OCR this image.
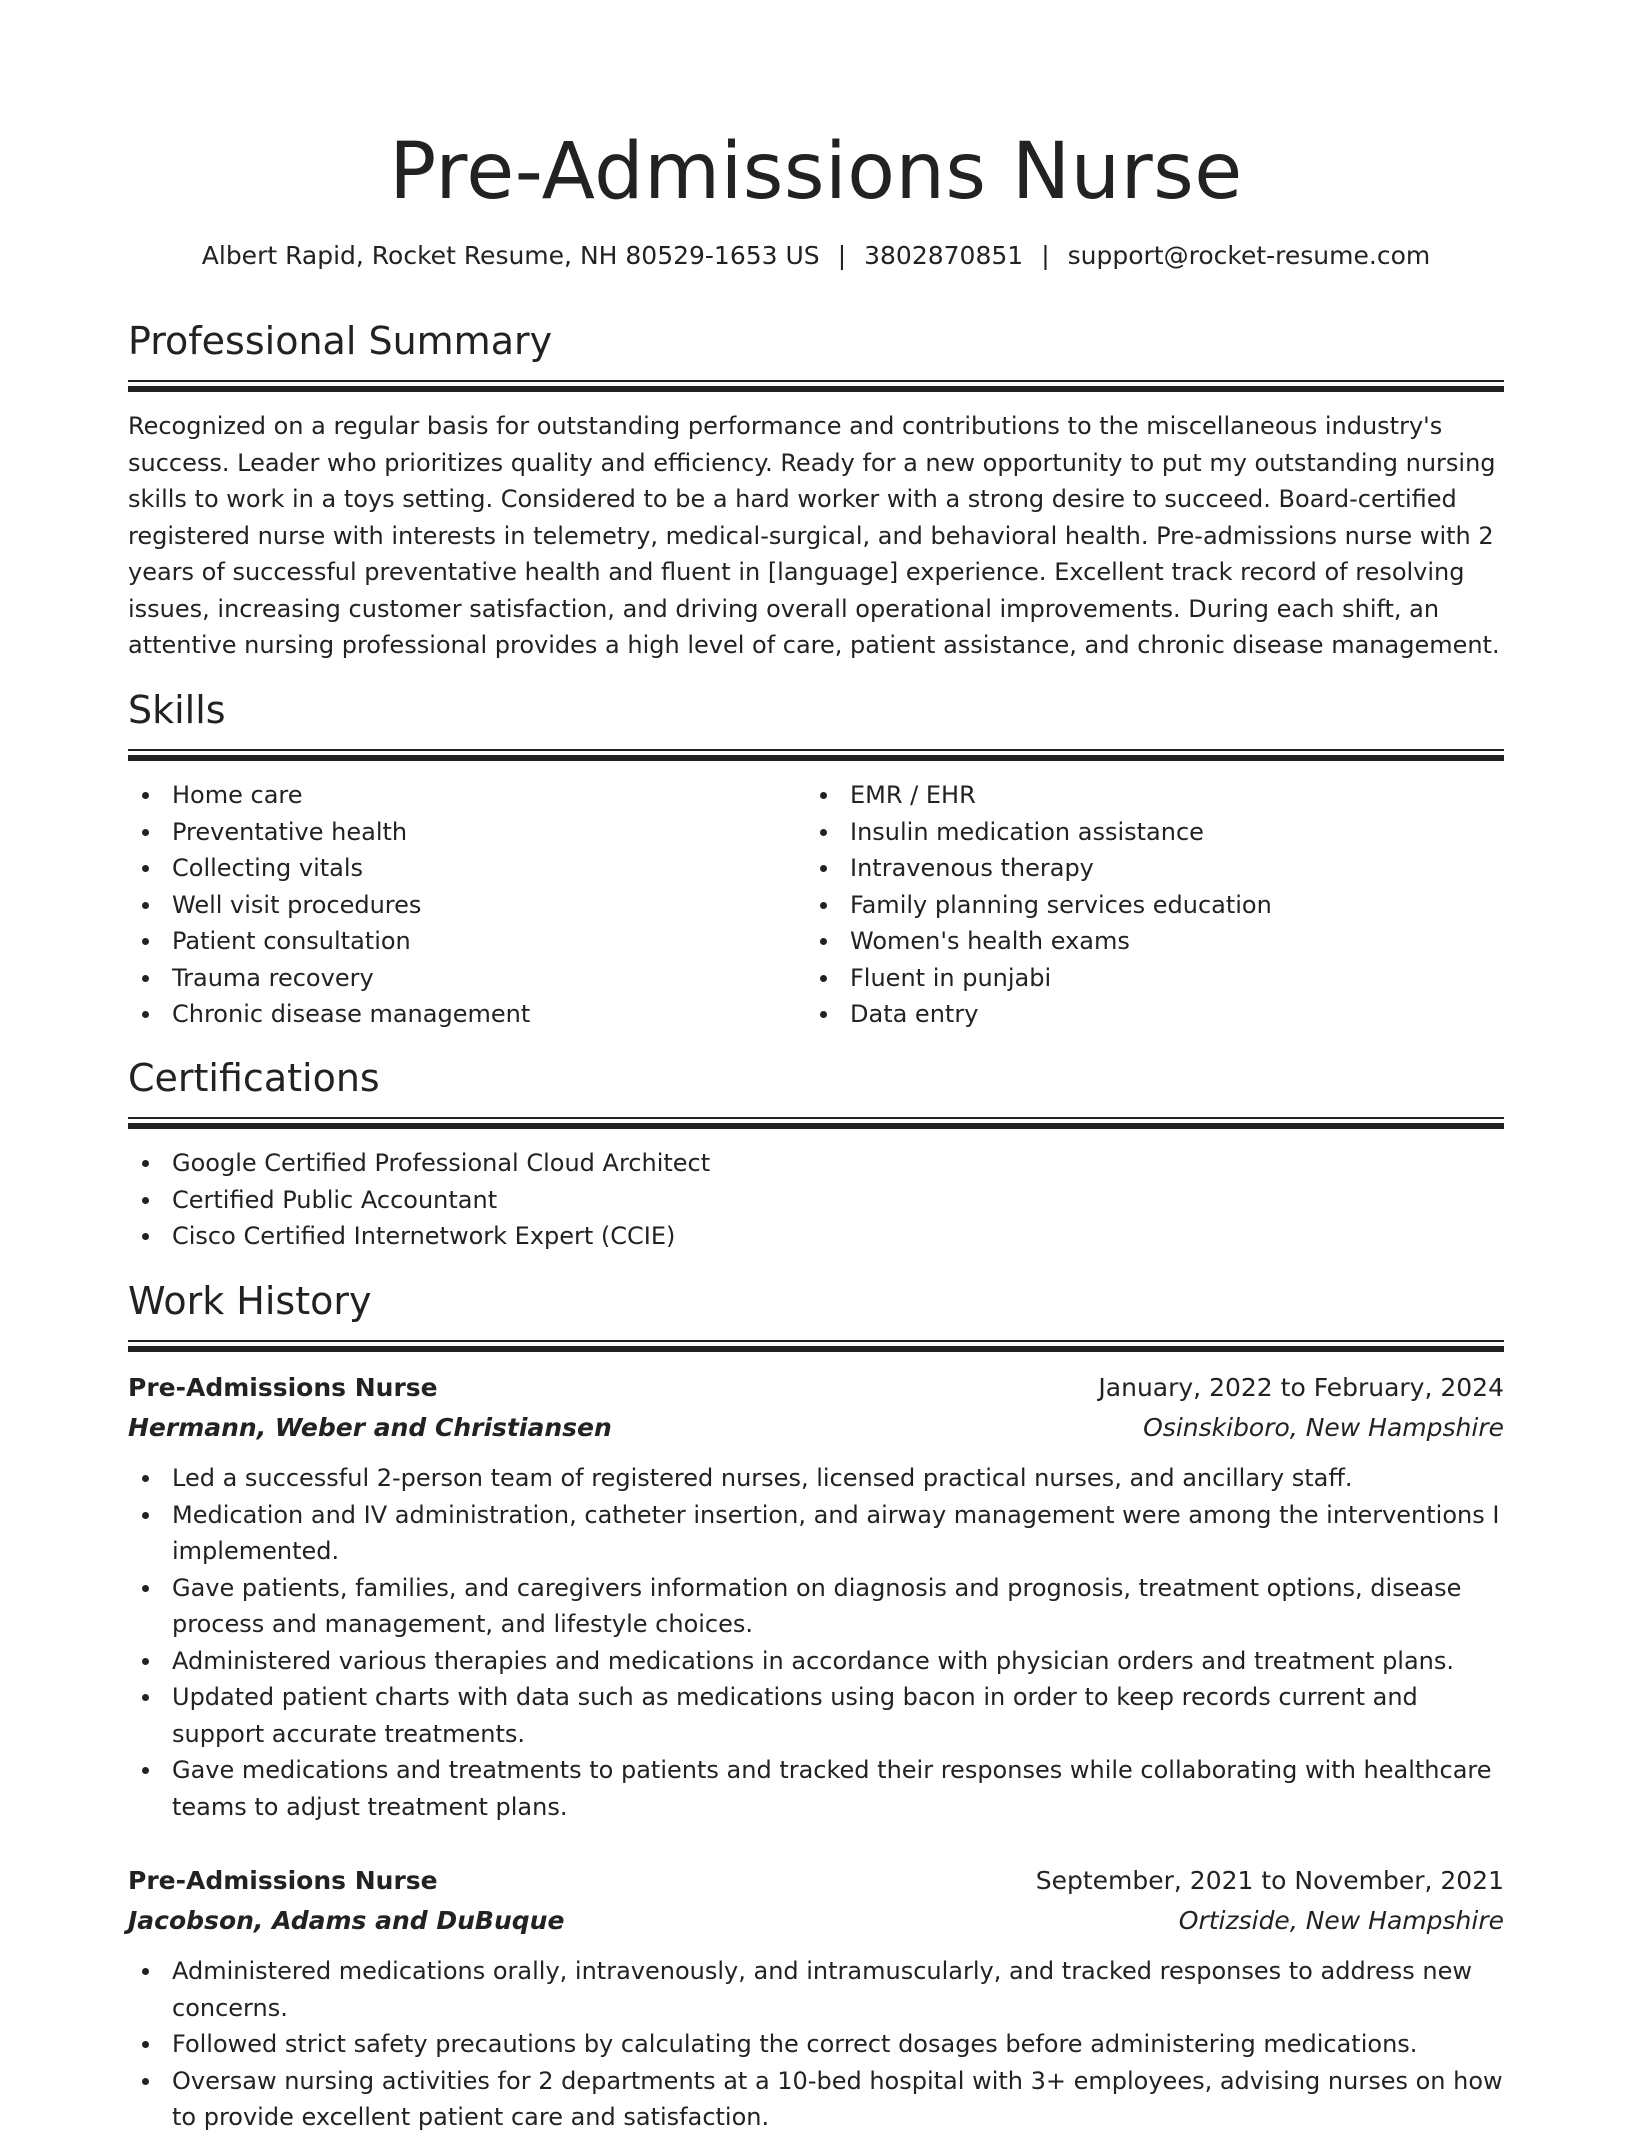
Pre-Admissions Nurse
Albert Rapid, Rocket Resume, NH 80529-1653 US | 3802870851 | support@rocket-resume.com
Professional Summary

Recognized on a regular basis for outstanding performance and contributions to the miscellaneous industry's success. Leader who prioritizes quality and efficiency. Ready for a new opportunity to put my outstanding nursing skills to work in a toys setting. Considered to be a hard worker with a strong desire to succeed. Board-certified registered nurse with interests in telemetry, medical-surgical, and behavioral health. Pre-admissions nurse with 2 years of successful preventative health and fluent in [language] experience. Excellent track record of resolving issues, increasing customer satisfaction, and driving overall operational improvements. During each shift, an attentive nursing professional provides a high level of care, patient assistance, and chronic disease management.

Skills
Home care
Preventative health
Collecting vitals
Well visit procedures
Patient consultation
Trauma recovery
Chronic disease management
EMR / EHR
Insulin medication assistance
Intravenous therapy
Family planning services education
Women's health exams
Fluent in punjabi
Data entry
Certifications
Google Certified Professional Cloud Architect
Certified Public Accountant
Cisco Certified Internetwork Expert (CCIE)
Work History
Pre-Admissions Nurse	January, 2022 to February, 2024
Hermann, Weber and Christiansen	Osinskiboro, New Hampshire
Led a successful 2-person team of registered nurses, licensed practical nurses, and ancillary staff.
Medication and IV administration, catheter insertion, and airway management were among the interventions I implemented.
Gave patients, families, and caregivers information on diagnosis and prognosis, treatment options, disease process and management, and lifestyle choices.
Administered various therapies and medications in accordance with physician orders and treatment plans.
Updated patient charts with data such as medications using bacon in order to keep records current and support accurate treatments.
Gave medications and treatments to patients and tracked their responses while collaborating with healthcare teams to adjust treatment plans.
Pre-Admissions Nurse	September, 2021 to November, 2021
Jacobson, Adams and DuBuque	Ortizside, New Hampshire
Administered medications orally, intravenously, and intramuscularly, and tracked responses to address new concerns.
Followed strict safety precautions by calculating the correct dosages before administering medications.
Oversaw nursing activities for 2 departments at a 10-bed hospital with 3+ employees, advising nurses on how to provide excellent patient care and satisfaction.
